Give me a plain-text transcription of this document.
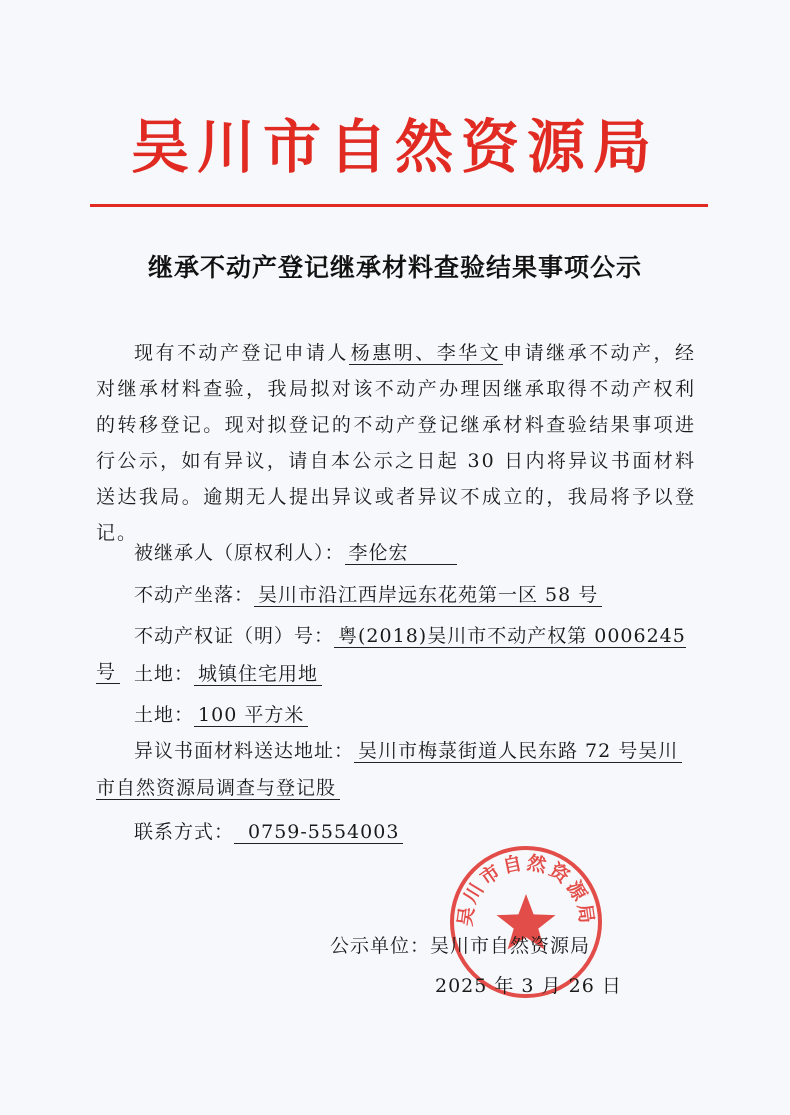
吴川市自然资源局
继承不动产登记继承材料查验结果事项公示

现有不动产登记申请人 杨惠明、李华文 申请继承不动产，经对继承材料查验，我局拟对该不动产办理因继承取得不动产权利的转移登记。现对拟登记的不动产登记继承材料查验结果事项进行公示，如有异议，请自本公示之日起 30 日内将异议书面材料送达我局。逾期无人提出异议或者异议不成立的，我局将予以登记。

被继承人（原权利人）： 李伦宏
不动产坐落： 吴川市沿江西岸远东花苑第一区 58 号
不动产权证（明）号： 粤(2018)吴川市不动产权第 0006245 号 土地： 城镇住宅用地
土地： 100 平方米
异议书面材料送达地址： 吴川市梅菉街道人民东路 72 号吴川
市自然资源局调查与登记股
联系方式： 0759-5554003
吴川市自然资源局
公示单位：吴川市自然资源局
2025 年 3 月 26 日
